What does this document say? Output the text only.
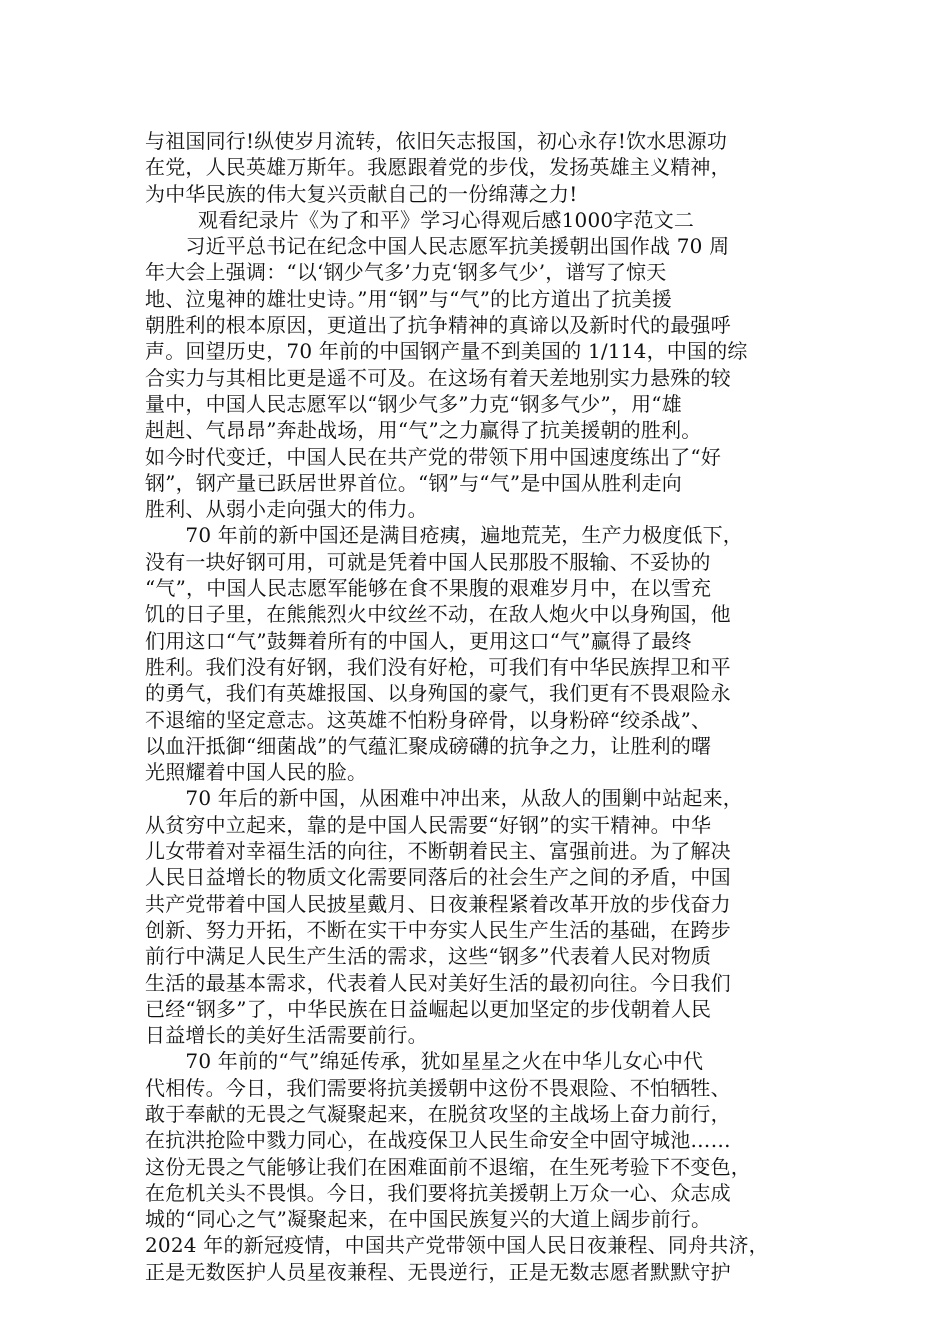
与祖国同行!纵使岁月流转，依旧矢志报国，初心永存!饮水思源功
在党，人民英雄万斯年。我愿跟着党的步伐，发扬英雄主义精神，
为中华民族的伟大复兴贡献自己的一份绵薄之力!
观看纪录片《为了和平》学习心得观后感1000字范文二
　　习近平总书记在纪念中国人民志愿军抗美援朝出国作战 70 周
年大会上强调：“以‘钢少气多’力克‘钢多气少’，谱写了惊天
地、泣鬼神的雄壮史诗。”用“钢”与“气”的比方道出了抗美援
朝胜利的根本原因，更道出了抗争精神的真谛以及新时代的最强呼
声。回望历史，70 年前的中国钢产量不到美国的 1/114，中国的综
合实力与其相比更是遥不可及。在这场有着天差地别实力悬殊的较
量中，中国人民志愿军以“钢少气多”力克“钢多气少”，用“雄
赳赳、气昂昂”奔赴战场，用“气”之力赢得了抗美援朝的胜利。
如今时代变迁，中国人民在共产党的带领下用中国速度练出了“好
钢”，钢产量已跃居世界首位。“钢”与“气”是中国从胜利走向
胜利、从弱小走向强大的伟力。
　　70 年前的新中国还是满目疮痍，遍地荒芜，生产力极度低下，
没有一块好钢可用，可就是凭着中国人民那股不服输、不妥协的
“气”，中国人民志愿军能够在食不果腹的艰难岁月中，在以雪充
饥的日子里，在熊熊烈火中纹丝不动，在敌人炮火中以身殉国，他
们用这口“气”鼓舞着所有的中国人，更用这口“气”赢得了最终
胜利。我们没有好钢，我们没有好枪，可我们有中华民族捍卫和平
的勇气，我们有英雄报国、以身殉国的豪气，我们更有不畏艰险永
不退缩的坚定意志。这英雄不怕粉身碎骨，以身粉碎“绞杀战”、
以血汗抵御“细菌战”的气蕴汇聚成磅礴的抗争之力，让胜利的曙
光照耀着中国人民的脸。
　　70 年后的新中国，从困难中冲出来，从敌人的围剿中站起来，
从贫穷中立起来，靠的是中国人民需要“好钢”的实干精神。中华
儿女带着对幸福生活的向往，不断朝着民主、富强前进。为了解决
人民日益增长的物质文化需要同落后的社会生产之间的矛盾，中国
共产党带着中国人民披星戴月、日夜兼程紧着改革开放的步伐奋力
创新、努力开拓，不断在实干中夯实人民生产生活的基础，在跨步
前行中满足人民生产生活的需求，这些“钢多”代表着人民对物质
生活的最基本需求，代表着人民对美好生活的最初向往。今日我们
已经“钢多”了，中华民族在日益崛起以更加坚定的步伐朝着人民
日益增长的美好生活需要前行。
　　70 年前的“气”绵延传承，犹如星星之火在中华儿女心中代
代相传。今日，我们需要将抗美援朝中这份不畏艰险、不怕牺牲、
敢于奉献的无畏之气凝聚起来，在脱贫攻坚的主战场上奋力前行，
在抗洪抢险中戮力同心，在战疫保卫人民生命安全中固守城池……
这份无畏之气能够让我们在困难面前不退缩，在生死考验下不变色，
在危机关头不畏惧。今日，我们要将抗美援朝上万众一心、众志成
城的“同心之气”凝聚起来，在中国民族复兴的大道上阔步前行。
2024 年的新冠疫情，中国共产党带领中国人民日夜兼程、同舟共济，
正是无数医护人员星夜兼程、无畏逆行，正是无数志愿者默默守护
